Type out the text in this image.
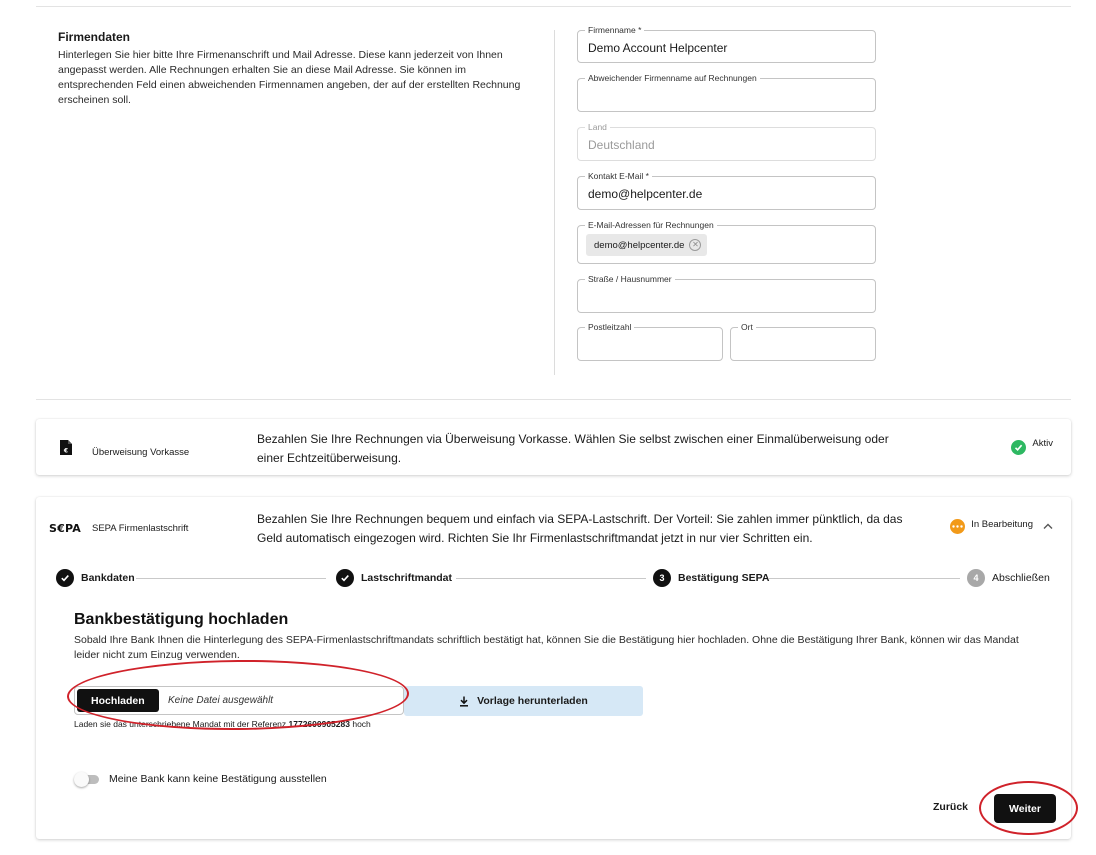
Firmendaten
Hinterlegen Sie hier bitte Ihre Firmenanschrift und Mail Adresse. Diese kann jederzeit von Ihnen angepasst werden. Alle Rechnungen erhalten Sie an diese Mail Adresse. Sie können im entsprechenden Feld einen abweichenden Firmennamen angeben, der auf der erstellten Rechnung erscheinen soll.
Firmenname *
Demo Account Helpcenter
Abweichender Firmenname auf Rechnungen
Land
Deutschland
Kontakt E-Mail *
demo@helpcenter.de
E-Mail-Adressen für Rechnungen
demo@helpcenter.de ✕
Straße / Hausnummer
Postleitzahl	Ort
€	Überweisung Vorkasse
Bezahlen Sie Ihre Rechnungen via Überweisung Vorkasse. Wählen Sie selbst zwischen einer Einmalüberweisung oder einer Echtzeitüberweisung.
Aktiv
S€PA SEPA Firmenlastschrift
Bezahlen Sie Ihre Rechnungen bequem und einfach via SEPA-Lastschrift. Der Vorteil: Sie zahlen immer pünktlich, da das Geld automatisch eingezogen wird. Richten Sie Ihr Firmenlastschriftmandat jetzt in nur vier Schritten ein.
In Bearbeitung
Bankdaten	Lastschriftmandat	3	Bestätigung SEPA	4	Abschließen
Bankbestätigung hochladen
Sobald Ihre Bank Ihnen die Hinterlegung des SEPA-Firmenlastschriftmandats schriftlich bestätigt hat, können Sie die Bestätigung hier hochladen. Ohne die Bestätigung Ihrer Bank, können wir das Mandat leider nicht zum Einzug verwenden.
Hochladen	Keine Datei ausgewählt	Vorlage herunterladen
Laden sie das unterschriebene Mandat mit der Referenz 1772600905283 hoch
Meine Bank kann keine Bestätigung ausstellen
Zurück	Weiter
